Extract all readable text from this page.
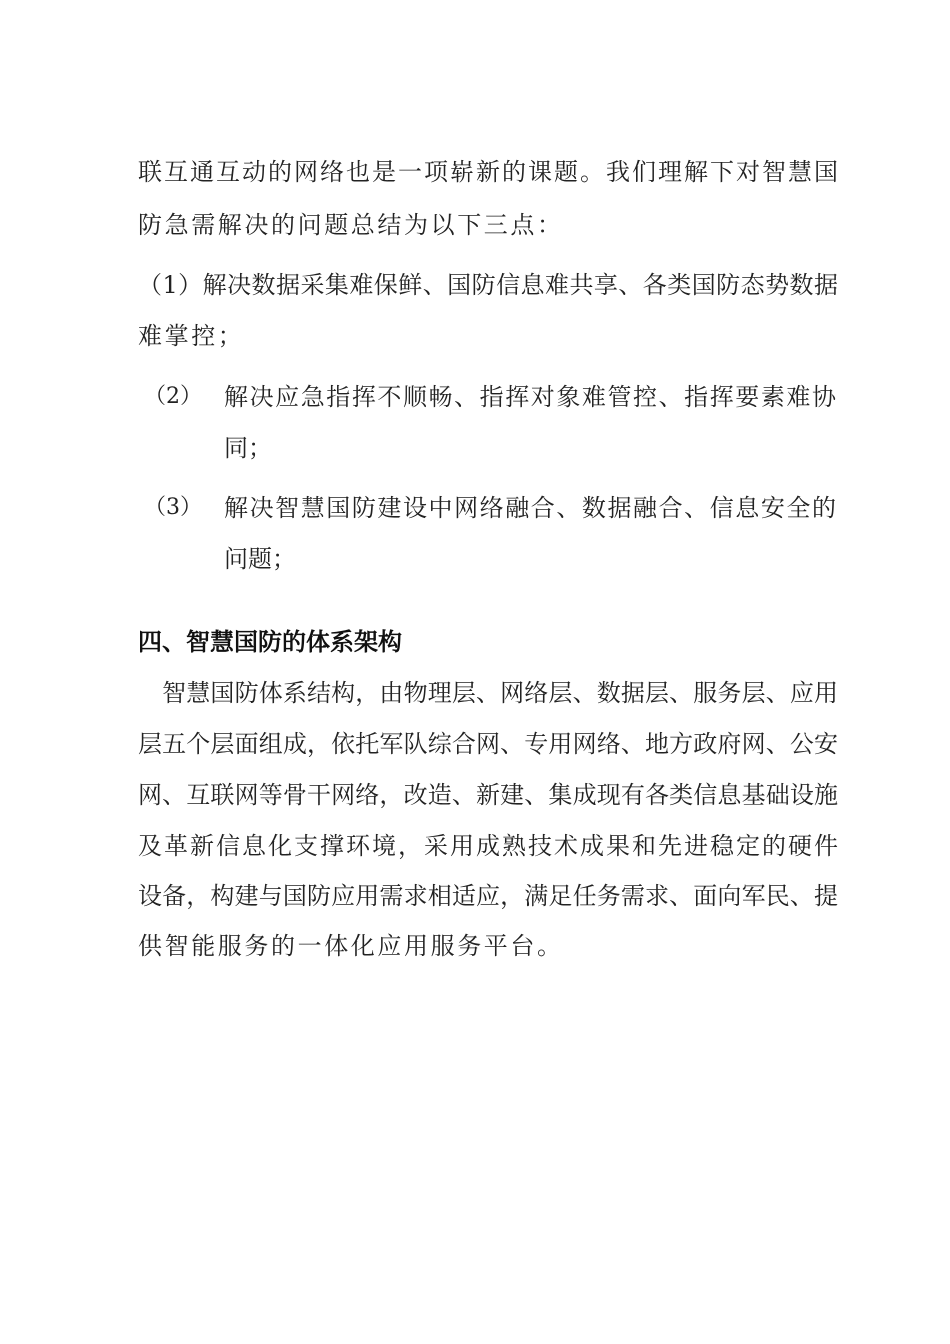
联互通互动的网络也是一项崭新的课题。我们理解下对智慧国
防急需解决的问题总结为以下三点：
（1）解决数据采集难保鲜、国防信息难共享、各类国防态势数据
难掌控；
（2） 解决应急指挥不顺畅、指挥对象难管控、指挥要素难协
同；
（3） 解决智慧国防建设中网络融合、数据融合、信息安全的
问题；
四、智慧国防的体系架构
　智慧国防体系结构，由物理层、网络层、数据层、服务层、应用
层五个层面组成，依托军队综合网、专用网络、地方政府网、公安
网、互联网等骨干网络，改造、新建、集成现有各类信息基础设施
及革新信息化支撑环境，采用成熟技术成果和先进稳定的硬件
设备，构建与国防应用需求相适应，满足任务需求、面向军民、提
供智能服务的一体化应用服务平台。
